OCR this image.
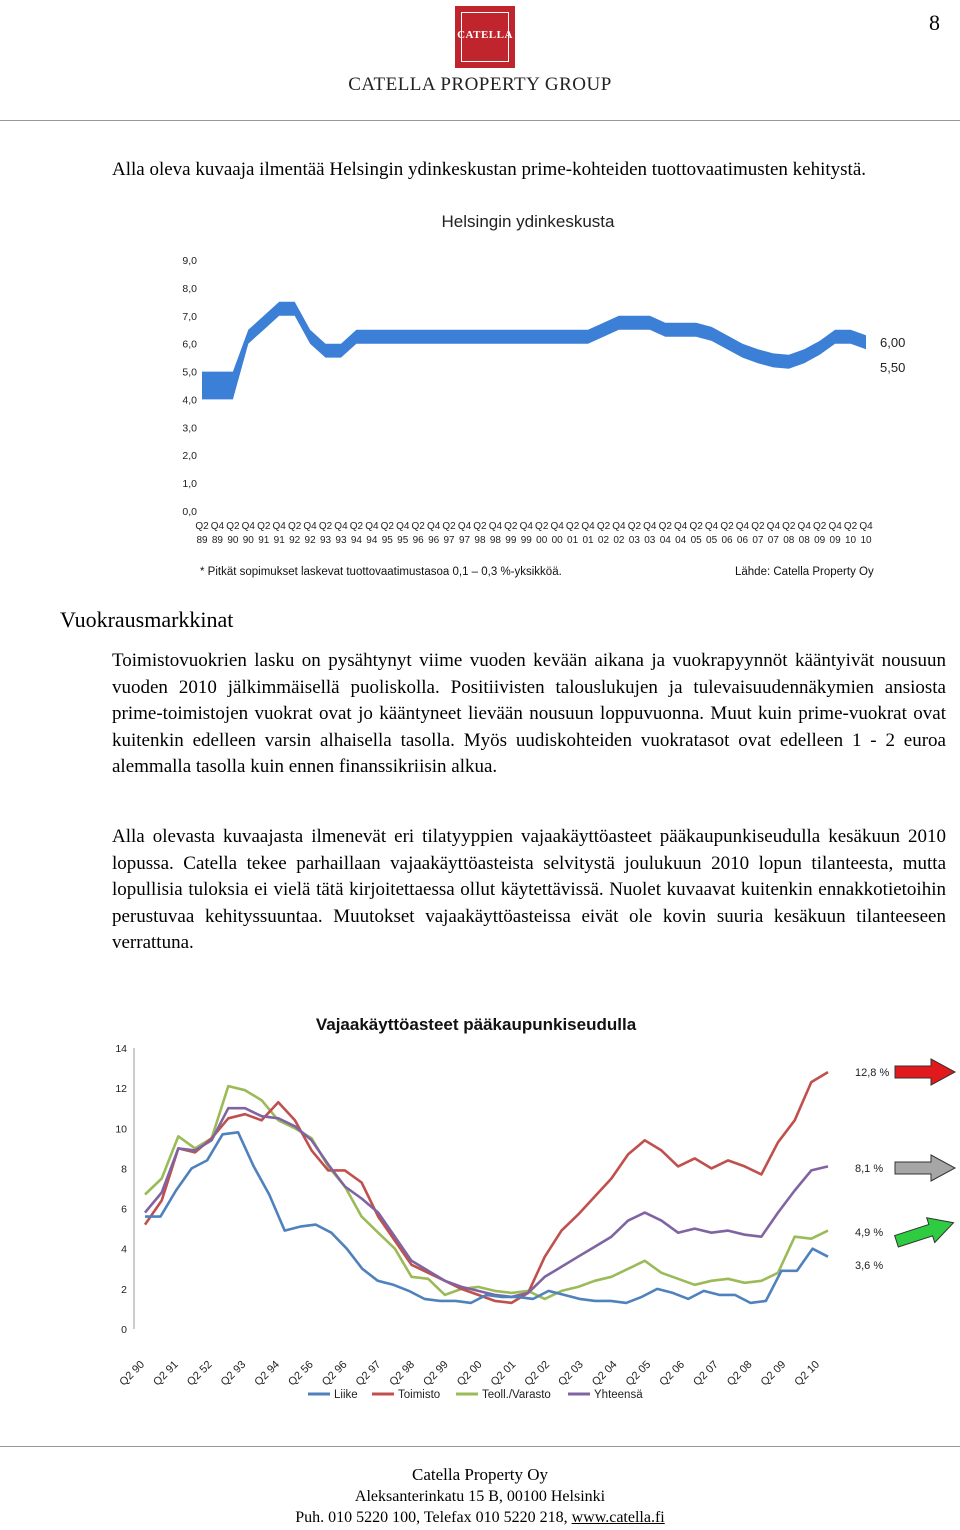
8
CATELLA
CATELLA PROPERTY GROUP
Alla oleva kuvaaja ilmentää Helsingin ydinkeskustan prime-kohteiden tuottovaatimusten kehitystä.
Helsingin ydinkeskusta
0,0
1,0
2,0
3,0
4,0
5,0
6,0
7,0
8,0
9,0
Q2
89
Q4
89
Q2
90
Q4
90
Q2
91
Q4
91
Q2
92
Q4
92
Q2
93
Q4
93
Q2
94
Q4
94
Q2
95
Q4
95
Q2
96
Q4
96
Q2
97
Q4
97
Q2
98
Q4
98
Q2
99
Q4
99
Q2
00
Q4
00
Q2
01
Q4
01
Q2
02
Q4
02
Q2
03
Q4
03
Q2
04
Q4
04
Q2
05
Q4
05
Q2
06
Q4
06
Q2
07
Q4
07
Q2
08
Q4
08
Q2
09
Q4
09
Q2
10
Q4
10
6,00
5,50
* Pitkät sopimukset laskevat tuottovaatimustasoa 0,1 – 0,3 %-yksikköä.	Lähde: Catella Property Oy
Vuokrausmarkkinat
Toimistovuokrien lasku on pysähtynyt viime vuoden kevään aikana ja vuokrapyynnöt kääntyivät nousuun vuoden 2010 jälkimmäisellä puoliskolla. Positiivisten talouslukujen ja tulevaisuudennäkymien ansiosta prime-toimistojen vuokrat ovat jo kääntyneet lievään nousuun loppuvuonna. Muut kuin prime-vuokrat ovat kuitenkin edelleen varsin alhaisella tasolla. Myös uudiskohteiden vuokratasot ovat edelleen 1 - 2 euroa alemmalla tasolla kuin ennen finanssikriisin alkua.
Alla olevasta kuvaajasta ilmenevät eri tilatyyppien vajaakäyttöasteet pääkaupunkiseudulla kesäkuun 2010 lopussa. Catella tekee parhaillaan vajaakäyttöasteista selvitystä joulukuun 2010 lopun tilanteesta, mutta lopullisia tuloksia ei vielä tätä kirjoitettaessa ollut käytettävissä. Nuolet kuvaavat kuitenkin ennakkotietoihin perustuvaa kehityssuuntaa. Muutokset vajaakäyttöasteissa eivät ole kovin suuria kesäkuun tilanteeseen verrattuna.
Vajaakäyttöasteet pääkaupunkiseudulla
0
2
4
6
8
10
12
14
Q2 90 Q2 91 Q2 52 Q2 93 Q2 94 Q2 56 Q2 96 Q2 97 Q2 98 Q2 99 Q2 00 Q2 01 Q2 02 Q2 03 Q2 04 Q2 05 Q2 06 Q2 07 Q2 08 Q2 09 Q2 10
12,8 %
8,1 %
4,9 %
3,6 %
Liike	Toimisto	Teoll./Varasto	Yhteensä
Catella Property Oy
Aleksanterinkatu 15 B, 00100 Helsinki
Puh. 010 5220 100, Telefax 010 5220 218, www.catella.fi
